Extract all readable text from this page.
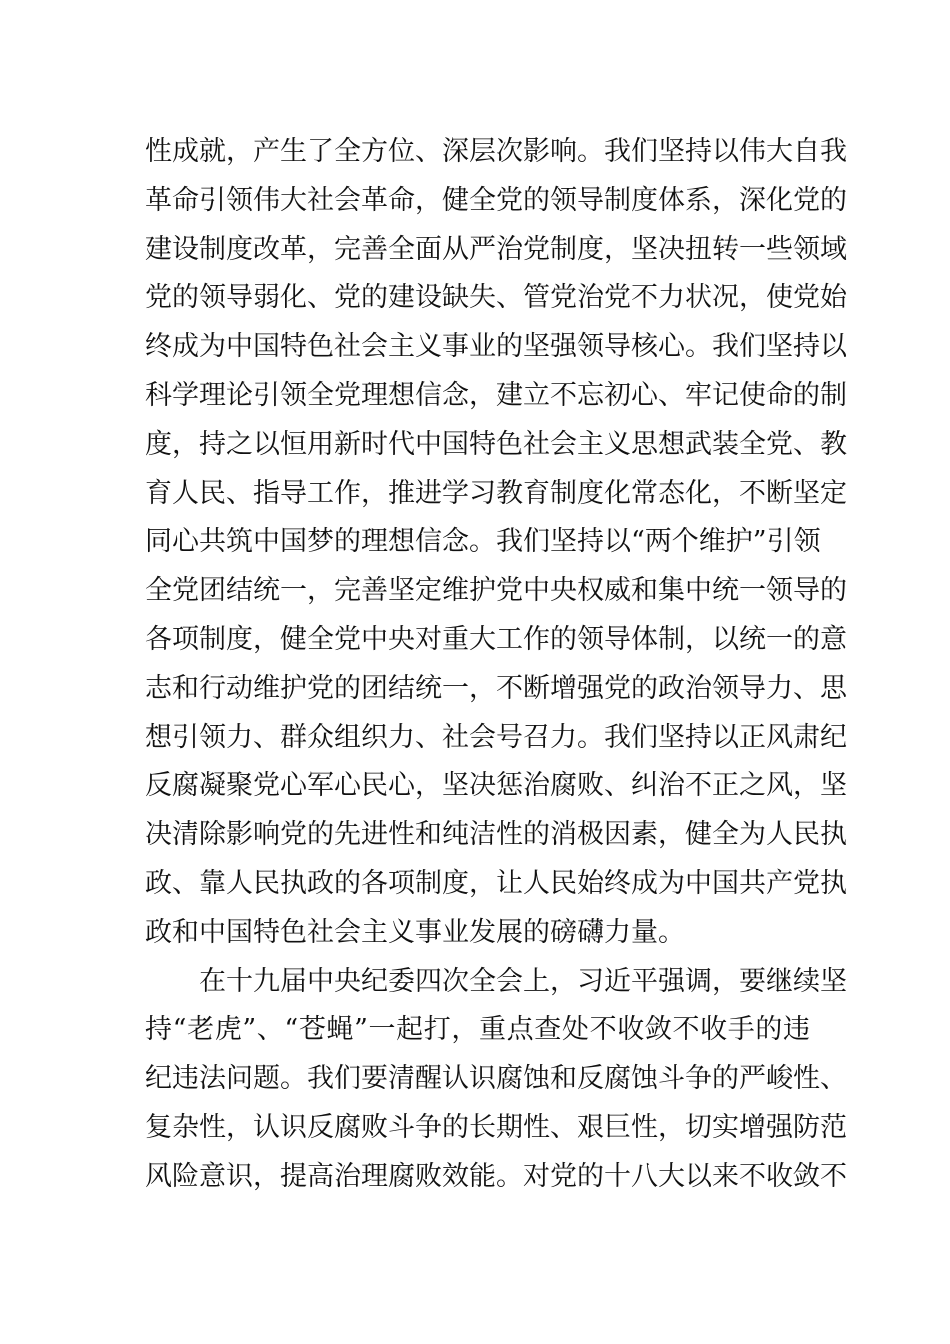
性成就，产生了全方位、深层次影响。我们坚持以伟大自我
革命引领伟大社会革命，健全党的领导制度体系，深化党的
建设制度改革，完善全面从严治党制度，坚决扭转一些领域
党的领导弱化、党的建设缺失、管党治党不力状况，使党始
终成为中国特色社会主义事业的坚强领导核心。我们坚持以
科学理论引领全党理想信念，建立不忘初心、牢记使命的制
度，持之以恒用新时代中国特色社会主义思想武装全党、教
育人民、指导工作，推进学习教育制度化常态化，不断坚定
同心共筑中国梦的理想信念。我们坚持以“两个维护”引领
全党团结统一，完善坚定维护党中央权威和集中统一领导的
各项制度，健全党中央对重大工作的领导体制，以统一的意
志和行动维护党的团结统一，不断增强党的政治领导力、思
想引领力、群众组织力、社会号召力。我们坚持以正风肃纪
反腐凝聚党心军心民心，坚决惩治腐败、纠治不正之风，坚
决清除影响党的先进性和纯洁性的消极因素，健全为人民执
政、靠人民执政的各项制度，让人民始终成为中国共产党执
政和中国特色社会主义事业发展的磅礴力量。
在十九届中央纪委四次全会上，习近平强调，要继续坚
持“老虎”、“苍蝇”一起打，重点查处不收敛不收手的违
纪违法问题。我们要清醒认识腐蚀和反腐蚀斗争的严峻性、
复杂性，认识反腐败斗争的长期性、艰巨性，切实增强防范
风险意识，提高治理腐败效能。对党的十八大以来不收敛不
